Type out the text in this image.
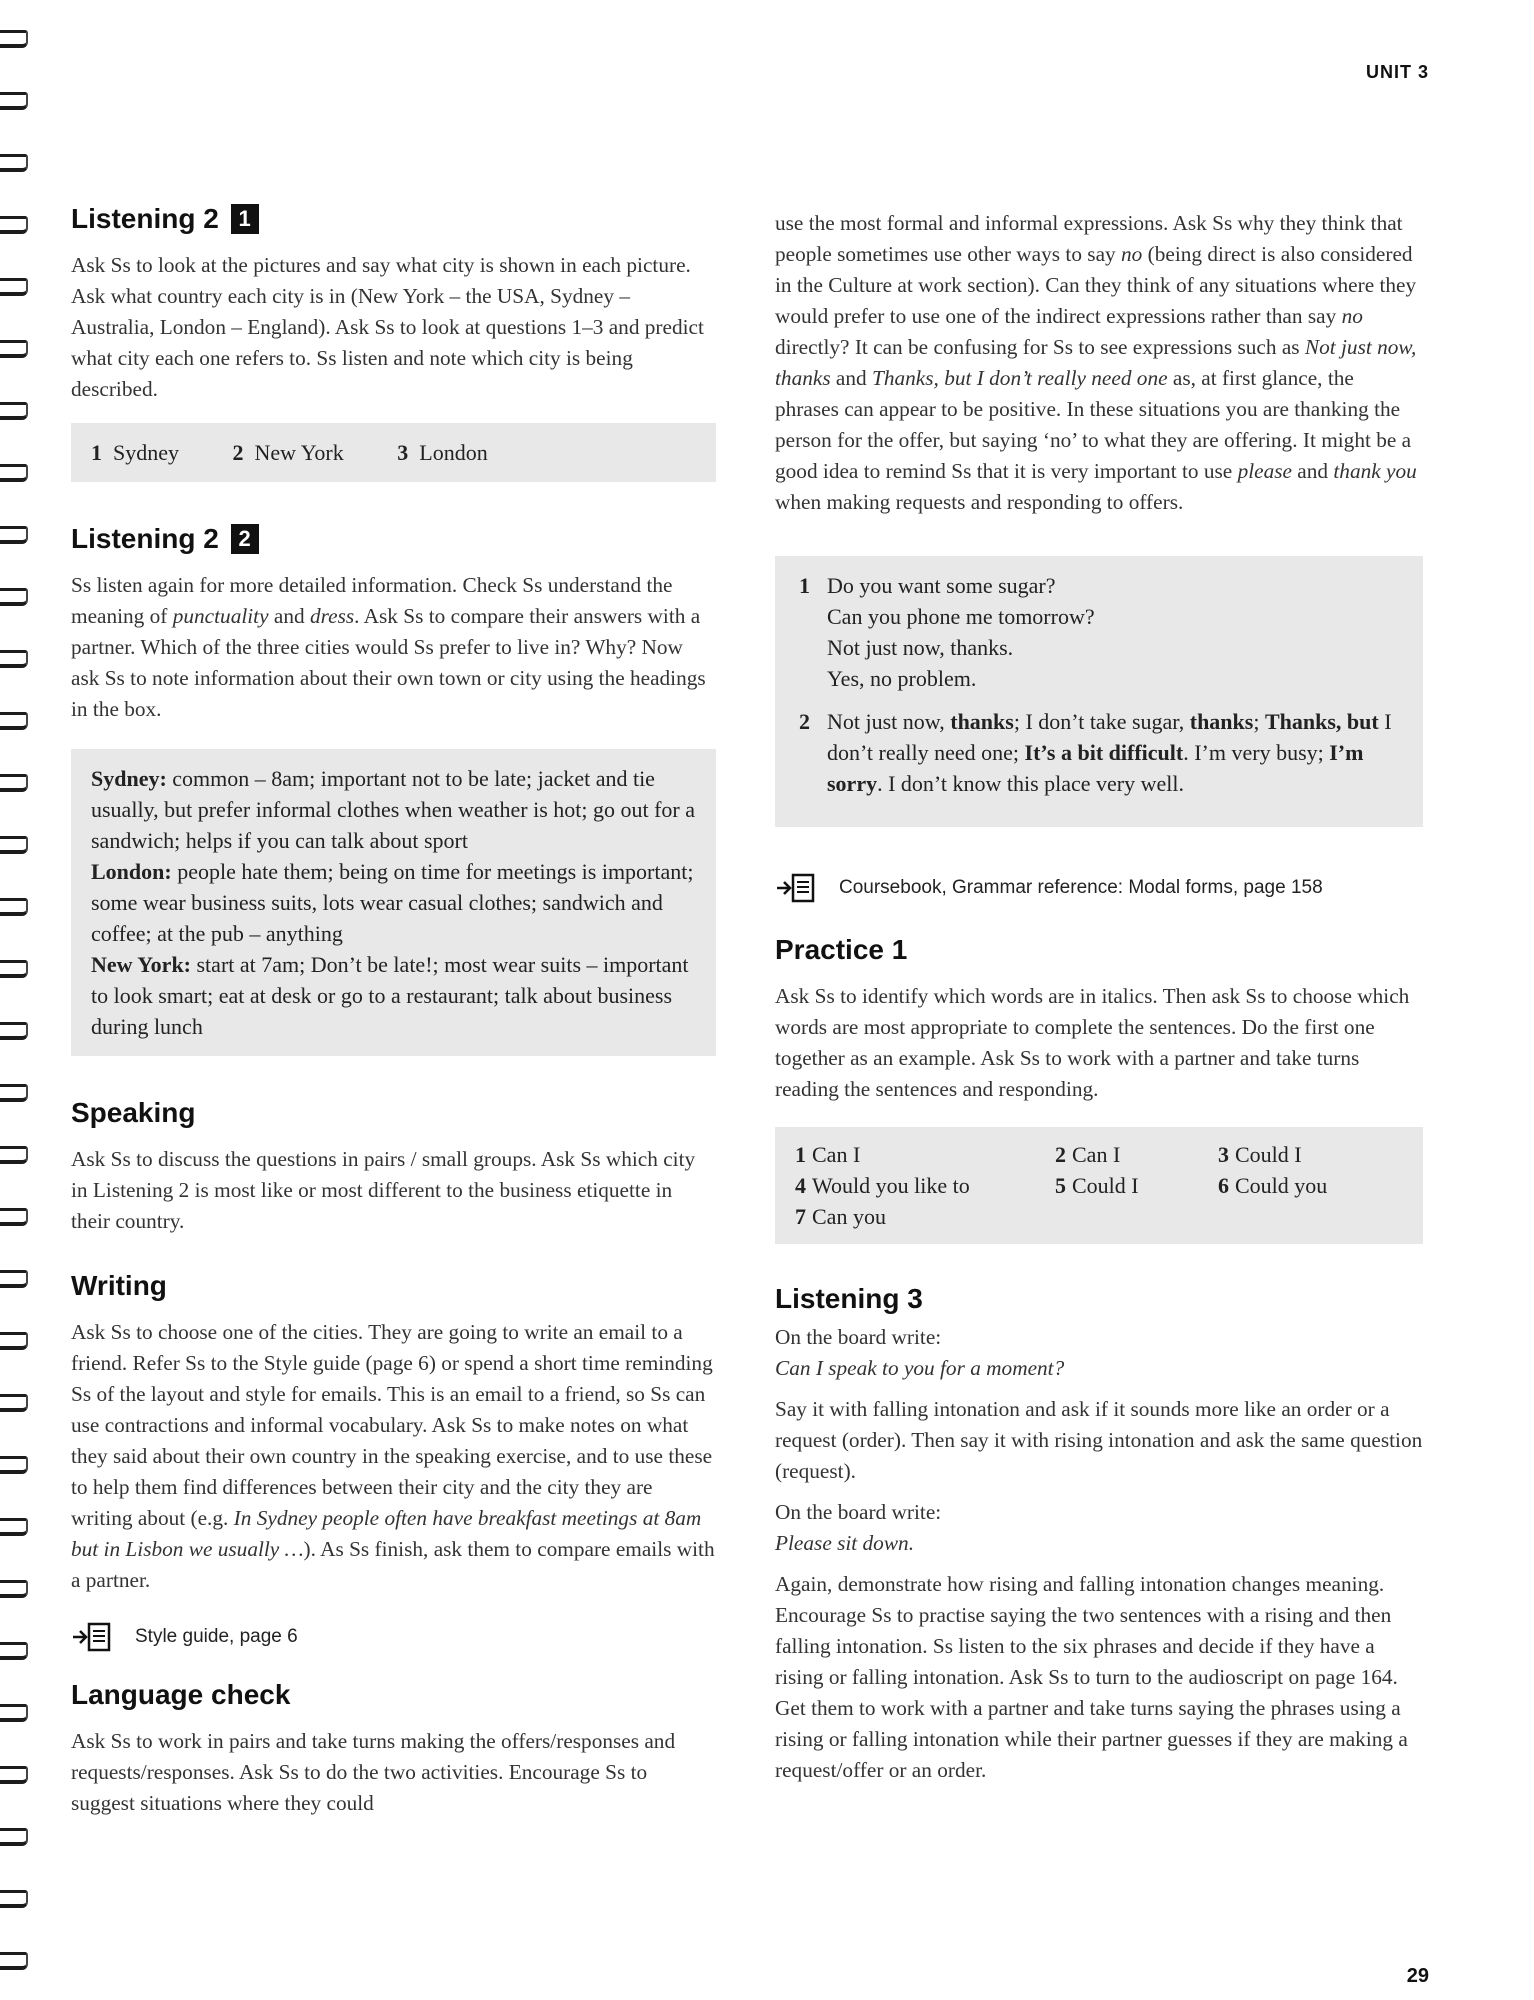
UNIT 3
Listening 2 1

Ask Ss to look at the pictures and say what city is shown in each picture. Ask what country each city is in (New York – the USA, Sydney – Australia, London – England). Ask Ss to look at questions 1–3 and predict what city each one refers to. Ss listen and note which city is being described.

1 Sydney 2 New York 3 London
Listening 2 2

Ss listen again for more detailed information. Check Ss understand the meaning of punctuality and dress. Ask Ss to compare their answers with a partner. Which of the three cities would Ss prefer to live in? Why? Now ask Ss to note information about their own town or city using the headings in the box.

Sydney: common – 8am; important not to be late; jacket and tie usually, but prefer informal clothes when weather is hot; go out for a sandwich; helps if you can talk about sport
London: people hate them; being on time for meetings is important; some wear business suits, lots wear casual clothes; sandwich and coffee; at the pub – anything
New York: start at 7am; Don’t be late!; most wear suits – important to look smart; eat at desk or go to a restaurant; talk about business during lunch
Speaking

Ask Ss to discuss the questions in pairs / small groups. Ask Ss which city in Listening 2 is most like or most different to the business etiquette in their country.

Writing

Ask Ss to choose one of the cities. They are going to write an email to a friend. Refer Ss to the Style guide (page 6) or spend a short time reminding Ss of the layout and style for emails. This is an email to a friend, so Ss can use contractions and informal vocabulary. Ask Ss to make notes on what they said about their own country in the speaking exercise, and to use these to help them find differences between their city and the city they are writing about (e.g. In Sydney people often have breakfast meetings at 8am but in Lisbon we usually …). As Ss finish, ask them to compare emails with a partner.

Style guide, page 6
Language check

Ask Ss to work in pairs and take turns making the offers/responses and requests/responses. Ask Ss to do the two activities. Encourage Ss to suggest situations where they could

use the most formal and informal expressions. Ask Ss why they think that people sometimes use other ways to say no (being direct is also considered in the Culture at work section). Can they think of any situations where they would prefer to use one of the indirect expressions rather than say no directly? It can be confusing for Ss to see expressions such as Not just now, thanks and Thanks, but I don’t really need one as, at first glance, the phrases can appear to be positive. In these situations you are thanking the person for the offer, but saying ‘no’ to what they are offering. It might be a good idea to remind Ss that it is very important to use please and thank you when making requests and responding to offers.

1 Do you want some sugar?
Can you phone me tomorrow?
Not just now, thanks.
Yes, no problem.
2 Not just now, thanks; I don’t take sugar, thanks; Thanks, but I don’t really need one; It’s a bit difficult. I’m very busy; I’m sorry. I don’t know this place very well.
Coursebook, Grammar reference: Modal forms, page 158
Practice 1

Ask Ss to identify which words are in italics. Then ask Ss to choose which words are most appropriate to complete the sentences. Do the first one together as an example. Ask Ss to work with a partner and take turns reading the sentences and responding.

1 Can I	2 Can I	3 Could I
4 Would you like to	5 Could I	6 Could you
7 Can you
Listening 3

On the board write:
Can I speak to you for a moment?

Say it with falling intonation and ask if it sounds more like an order or a request (order). Then say it with rising intonation and ask the same question (request).

On the board write:
Please sit down.

Again, demonstrate how rising and falling intonation changes meaning. Encourage Ss to practise saying the two sentences with a rising and then falling intonation. Ss listen to the six phrases and decide if they have a rising or falling intonation. Ask Ss to turn to the audioscript on page 164. Get them to work with a partner and take turns saying the phrases using a rising or falling intonation while their partner guesses if they are making a request/offer or an order.

29
